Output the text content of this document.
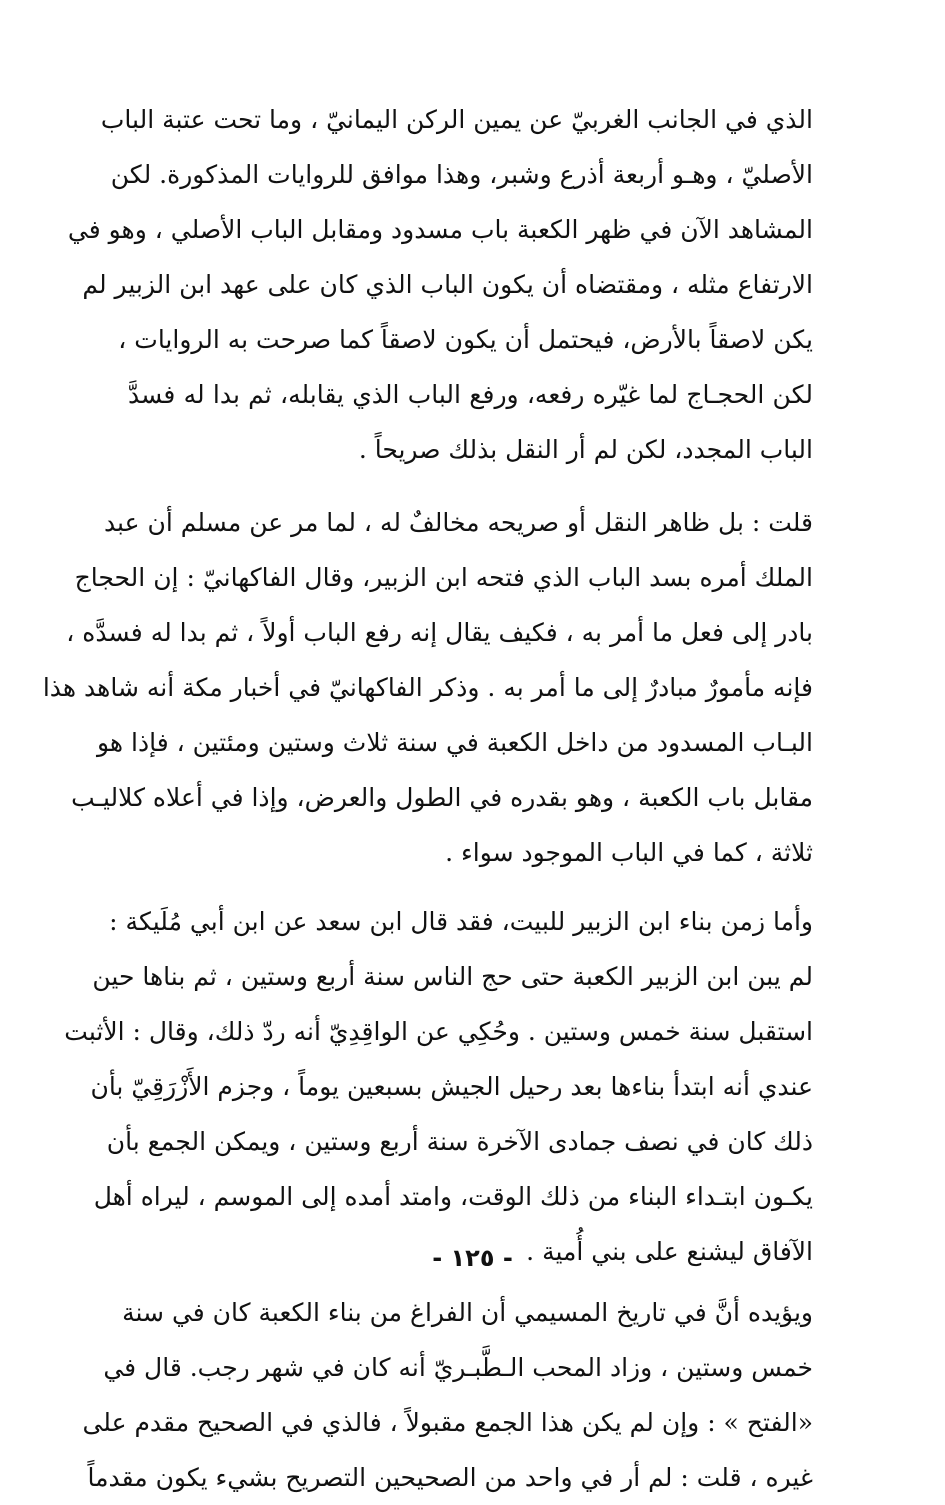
الذي في الجانب الغربيّ عن يمين الركن اليمانيّ ، وما تحت عتبة الباب
الأصليّ ، وهـو أربعة أذرع وشبر، وهذا موافق للروايات المذكورة. لكن
المشاهد الآن في ظهر الكعبة باب مسدود ومقابل الباب الأصلي ، وهو في
الارتفاع مثله ، ومقتضاه أن يكون الباب الذي كان على عهد ابن الزبير لم
يكن لاصقاً بالأرض، فيحتمل أن يكون لاصقاً كما صرحت به الروايات ،
لكن الحجـاج لما غيّره رفعه، ورفع الباب الذي يقابله، ثم بدا له فسدَّ
الباب المجدد، لكن لم أر النقل بذلك صريحاً .
قلت : بل ظاهر النقل أو صريحه مخالفٌ له ، لما مر عن مسلم أن عبد
الملك أمره بسد الباب الذي فتحه ابن الزبير، وقال الفاكهانيّ : إن الحجاج
بادر إلى فعل ما أمر به ، فكيف يقال إنه رفع الباب أولاً ، ثم بدا له فسدَّه ،
فإنه مأمورٌ مبادرٌ إلى ما أمر به . وذكر الفاكهانيّ في أخبار مكة أنه شاهد هذا
البـاب المسدود من داخل الكعبة في سنة ثلاث وستين ومئتين ، فإذا هو
مقابل باب الكعبة ، وهو بقدره في الطول والعرض، وإذا في أعلاه كلاليـب
ثلاثة ، كما في الباب الموجود سواء .
وأما زمن بناء ابن الزبير للبيت، فقد قال ابن سعد عن ابن أبي مُلَيكة :
لم يبن ابن الزبير الكعبة حتى حج الناس سنة أربع وستين ، ثم بناها حين
استقبل سنة خمس وستين . وحُكِي عن الواقِدِيّ أنه ردّ ذلك، وقال : الأثبت
عندي أنه ابتدأ بناءها بعد رحيل الجيش بسبعين يوماً ، وجزم الأَزْرَقِيّ بأن
ذلك كان في نصف جمادى الآخرة سنة أربع وستين ، ويمكن الجمع بأن
يكـون ابتـداء البناء من ذلك الوقت، وامتد أمده إلى الموسم ، ليراه أهل
الآفاق ليشنع على بني أُمية .
ويؤيده أنَّ في تاريخ المسيمي أن الفراغ من بناء الكعبة كان في سنة
خمس وستين ، وزاد المحب الـطَّبـريّ أنه كان في شهر رجب. قال في
«الفتح » : وإن لم يكن هذا الجمع مقبولاً ، فالذي في الصحيح مقدم على
غيره ، قلت : لم أر في واحد من الصحيحين التصريح بشيء يكون مقدماً
- ١٢٥ -
